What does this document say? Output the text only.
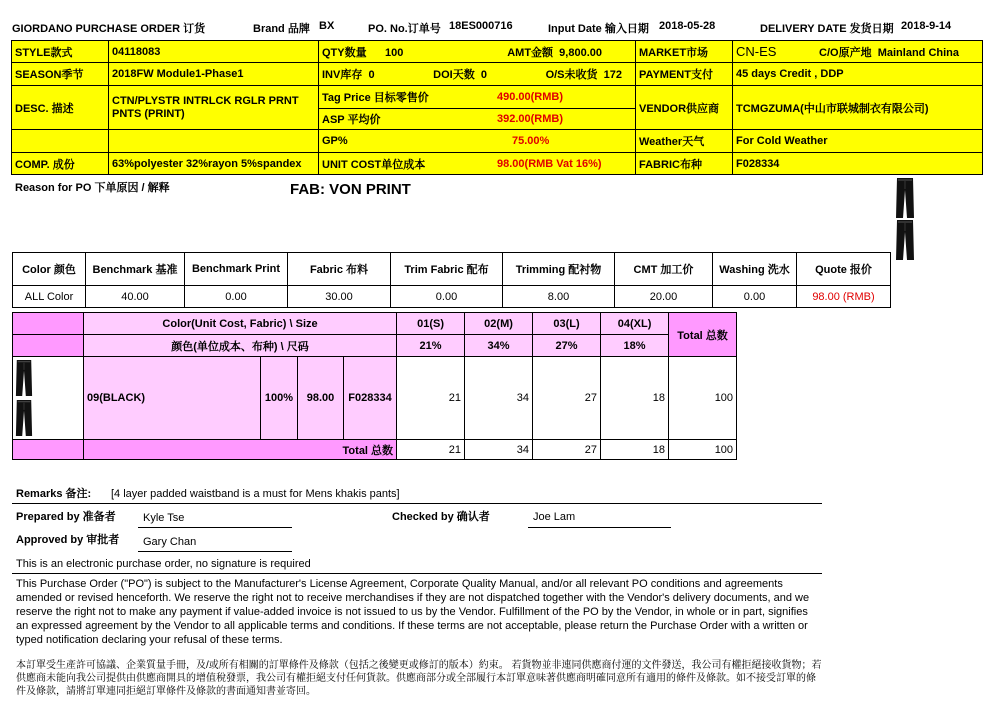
GIORDANO PURCHASE ORDER 订货	Brand 品牌 BX	PO. No.订单号 18ES000716	Input Date 输入日期 2018-05-28	DELIVERY DATE 发货日期 2018-9-14
STYLE款式	04118083	QTY数量 100 AMT金额 9,800.00	MARKET市场	CN-ES C/O原产地 Mainland China

SEASON季节	2018FW Module1-Phase1	INV库存 0 DOI天数 0 O/S未收货 172	PAYMENT支付	45 days Credit , DDP
DESC. 描述	CTN/PLYSTR INTRLCK RGLR PRNT PNTS (PRINT)	Tag Price 目标零售价 490.00(RMB)	VENDOR供应商	TCMGZUMA(中山市联城制衣有限公司)

		ASP 平均价 392.00(RMB)		

		GP% 75.00%	Weather天气	For Cold Weather
COMP. 成份	63%polyester 32%rayon 5%spandex	UNIT COST单位成本 98.00(RMB Vat 16%)	FABRIC布种	F028334
Reason for PO 下单原因 / 解释	FAB: VON PRINT
Color 颜色	Benchmark 基准	Benchmark Print	Fabric 布料	Trim Fabric 配布	Trimming 配衬物	CMT 加工价	Washing 洗水	Quote 报价
ALL Color	40.00	0.00	30.00	0.00	8.00	20.00	0.00	98.00 (RMB)
	Color(Unit Cost, Fabric) \ Size				01(S)	02(M)	03(L)	04(XL)	Total 总数
	颜色(单位成本、布种) \ 尺码				21%	34%	27%	18%	

	09(BLACK)	100%	98.00	F028334	21	34	27	18	100
	Total 总数				21	34	27	18	100
Remarks 备注: [4 layer padded waistband is a must for Mens khakis pants]
Prepared by 准备者 Kyle Tse	Checked by 确认者	Joe Lam
Approved by 审批者 Gary Chan
This is an electronic purchase order, no signature is required
This Purchase Order ("PO") is subject to the Manufacturer's License Agreement, Corporate Quality Manual, and/or all relevant PO conditions and agreements amended or revised henceforth. We reserve the right not to receive merchandises if they are not dispatched together with the Vendor's delivery documents, and we reserve the right not to make any payment if value-added invoice is not issued to us by the Vendor. Fulfillment of the PO by the Vendor, in whole or in part, signifies an expressed agreement by the Vendor to all applicable terms and conditions. If these terms are not acceptable, please return the Purchase Order with a written or typed notification declaring your refusal of these terms.
本訂單受生產許可協議、企業質量手冊，及/或所有相關的訂單條件及條款（包括之後變更或修訂的版本）約束。 若貨物並非連同供應商付運的文件發送，我公司有權拒絕接收貨物；若供應商未能向我公司提供由供應商開具的增值稅發票，我公司有權拒絕支付任何貨款。供應商部分或全部履行本訂單意味著供應商明確同意所有適用的條件及條款。如不接受訂單的條件及條款，請將訂單連同拒絕訂單條件及條款的書面通知書並寄回。
